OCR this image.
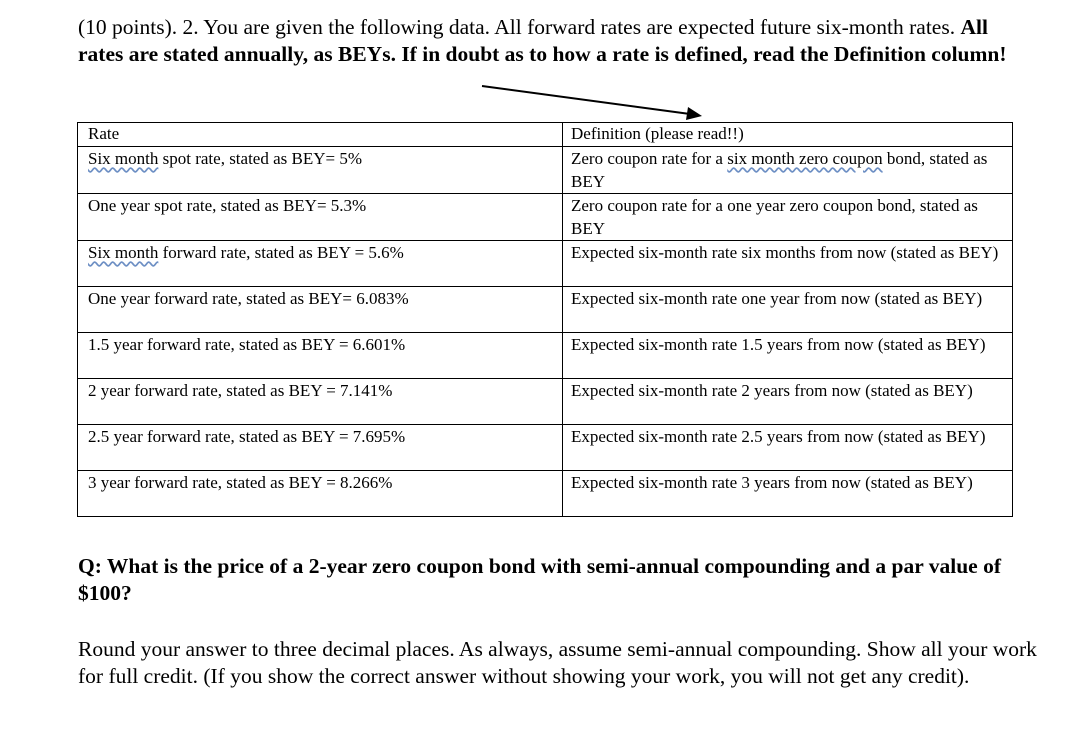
(10 points). 2. You are given the following data. All forward rates are expected future six-month rates. All rates are stated annually, as BEYs. If in doubt as to how a rate is defined, read the Definition column!
Rate	Definition (please read!!)
Six month spot rate, stated as BEY= 5%	Zero coupon rate for a six month zero coupon bond, stated as BEY
One year spot rate, stated as BEY= 5.3%	Zero coupon rate for a one year zero coupon bond, stated as BEY
Six month forward rate, stated as BEY = 5.6%	Expected six-month rate six months from now (stated as BEY)
One year forward rate, stated as BEY= 6.083%	Expected six-month rate one year from now (stated as BEY)
1.5 year forward rate, stated as BEY = 6.601%	Expected six-month rate 1.5 years from now (stated as BEY)
2 year forward rate, stated as BEY = 7.141%	Expected six-month rate 2 years from now (stated as BEY)
2.5 year forward rate, stated as BEY = 7.695%	Expected six-month rate 2.5 years from now (stated as BEY)
3 year forward rate, stated as BEY = 8.266%	Expected six-month rate 3 years from now (stated as BEY)
Q: What is the price of a 2-year zero coupon bond with semi-annual compounding and a par value of $100?
Round your answer to three decimal places. As always, assume semi-annual compounding. Show all your work for full credit. (If you show the correct answer without showing your work, you will not get any credit).
